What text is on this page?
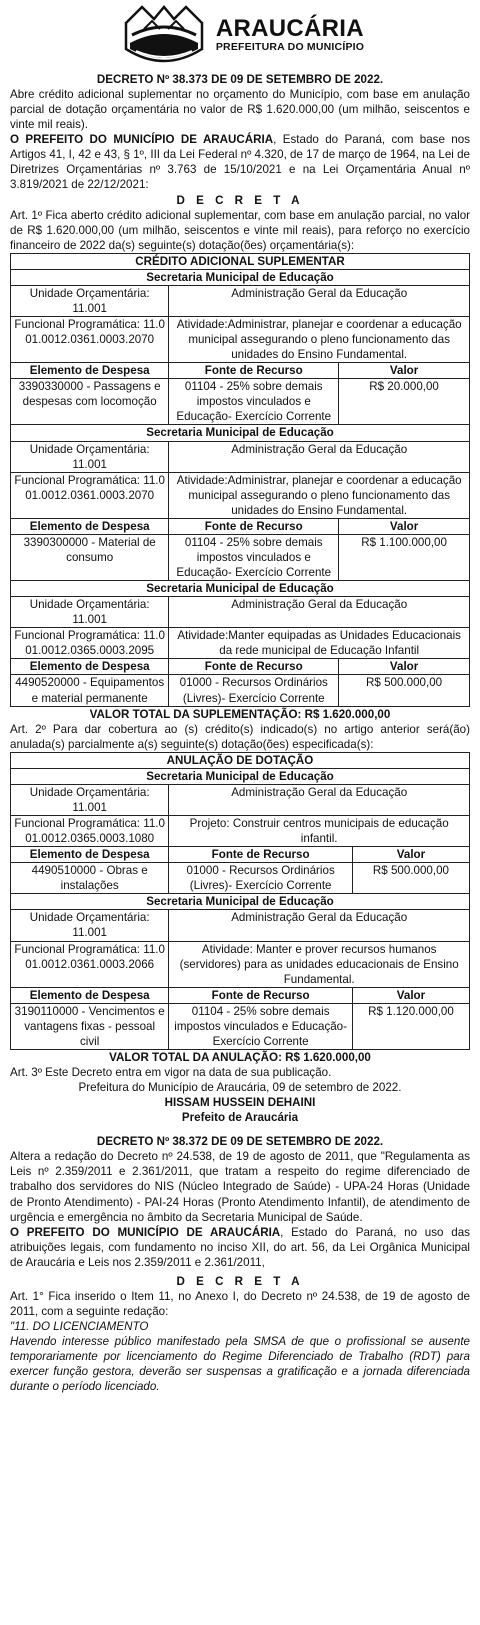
ARAUCÁRIA
PREFEITURA DO MUNICÍPIO
DECRETO Nº 38.373 DE 09 DE SETEMBRO DE 2022.
Abre crédito adicional suplementar no orçamento do Município, com base em anulação parcial de dotação orçamentária no valor de R$ 1.620.000,00 (um milhão, seiscentos e vinte mil reais).
O PREFEITO DO MUNICÍPIO DE ARAUCÁRIA, Estado do Paraná, com base nos Artigos 41, I, 42 e 43, § 1º, III da Lei Federal nº 4.320, de 17 de março de 1964, na Lei de Diretrizes Orçamentárias nº 3.763 de 15/10/2021 e na Lei Orçamentária Anual nº 3.819/2021 de 22/12/2021:
D E C R E T A
Art. 1º Fica aberto crédito adicional suplementar, com base em anulação parcial, no valor de R$ 1.620.000,00 (um milhão, seiscentos e vinte mil reais), para reforço no exercício financeiro de 2022 da(s) seguinte(s) dotação(ões) orçamentária(s):
CRÉDITO ADICIONAL SUPLEMENTAR		
Secretaria Municipal de Educação		
Unidade Orçamentária: 11.001	Administração Geral da Educação	
Funcional Programática: 11.001.0012.0361.0003.2070	Atividade:Administrar, planejar e coordenar a educação municipal assegurando o pleno funcionamento das unidades do Ensino Fundamental.	
Elemento de Despesa	Fonte de Recurso	Valor
3390330000 - Passagens e despesas com locomoção	01104 - 25% sobre demais impostos vinculados e Educação- Exercício Corrente	R$ 20.000,00
Secretaria Municipal de Educação		
Unidade Orçamentária: 11.001	Administração Geral da Educação	
Funcional Programática: 11.001.0012.0361.0003.2070	Atividade:Administrar, planejar e coordenar a educação municipal assegurando o pleno funcionamento das unidades do Ensino Fundamental.	
Elemento de Despesa	Fonte de Recurso	Valor
3390300000 - Material de consumo	01104 - 25% sobre demais impostos vinculados e Educação- Exercício Corrente	R$ 1.100.000,00
Secretaria Municipal de Educação		
Unidade Orçamentária: 11.001	Administração Geral da Educação	
Funcional Programática: 11.001.0012.0365.0003.2095	Atividade:Manter equipadas as Unidades Educacionais da rede municipal de Educação Infantil	
Elemento de Despesa	Fonte de Recurso	Valor
4490520000 - Equipamentos e material permanente	01000 - Recursos Ordinários (Livres)- Exercício Corrente	R$ 500.000,00
VALOR TOTAL DA SUPLEMENTAÇÃO: R$ 1.620.000,00
Art. 2º Para dar cobertura ao (s) crédito(s) indicado(s) no artigo anterior será(ão) anulada(s) parcialmente a(s) seguinte(s) dotação(ões) especificada(s):
ANULAÇÃO DE DOTAÇÃO		
Secretaria Municipal de Educação		
Unidade Orçamentária: 11.001	Administração Geral da Educação	
Funcional Programática: 11.001.0012.0365.0003.1080	Projeto: Construir centros municipais de educação infantil.	
Elemento de Despesa	Fonte de Recurso	Valor
4490510000 - Obras e instalações	01000 - Recursos Ordinários (Livres)- Exercício Corrente	R$ 500.000,00
Secretaria Municipal de Educação		
Unidade Orçamentária: 11.001	Administração Geral da Educação	
Funcional Programática: 11.001.0012.0361.0003.2066	Atividade: Manter e prover recursos humanos (servidores) para as unidades educacionais de Ensino Fundamental.	
Elemento de Despesa	Fonte de Recurso	Valor
3190110000 - Vencimentos e vantagens fixas - pessoal civil	01104 - 25% sobre demais impostos vinculados e Educação- Exercício Corrente	R$ 1.120.000,00
VALOR TOTAL DA ANULAÇÃO: R$ 1.620.000,00
Art. 3º Este Decreto entra em vigor na data de sua publicação.
Prefeitura do Município de Araucária, 09 de setembro de 2022.
HISSAM HUSSEIN DEHAINI
Prefeito de Araucária
DECRETO Nº 38.372 DE 09 DE SETEMBRO DE 2022.
Altera a redação do Decreto nº 24.538, de 19 de agosto de 2011, que "Regulamenta as Leis nº 2.359/2011 e 2.361/2011, que tratam a respeito do regime diferenciado de trabalho dos servidores do NIS (Núcleo Integrado de Saúde) - UPA-24 Horas (Unidade de Pronto Atendimento) - PAI-24 Horas (Pronto Atendimento Infantil), de atendimento de urgência e emergência no âmbito da Secretaria Municipal de Saúde.
O PREFEITO DO MUNICÍPIO DE ARAUCÁRIA, Estado do Paraná, no uso das atribuições legais, com fundamento no inciso XII, do art. 56, da Lei Orgânica Municipal de Araucária e Leis nos 2.359/2011 e 2.361/2011,
D E C R E T A
Art. 1° Fica inserido o Item 11, no Anexo I, do Decreto nº 24.538, de 19 de agosto de 2011, com a seguinte redação:
"11. DO LICENCIAMENTO
Havendo interesse público manifestado pela SMSA de que o profissional se ausente temporariamente por licenciamento do Regime Diferenciado de Trabalho (RDT) para exercer função gestora, deverão ser suspensas a gratificação e a jornada diferenciada durante o período licenciado.
